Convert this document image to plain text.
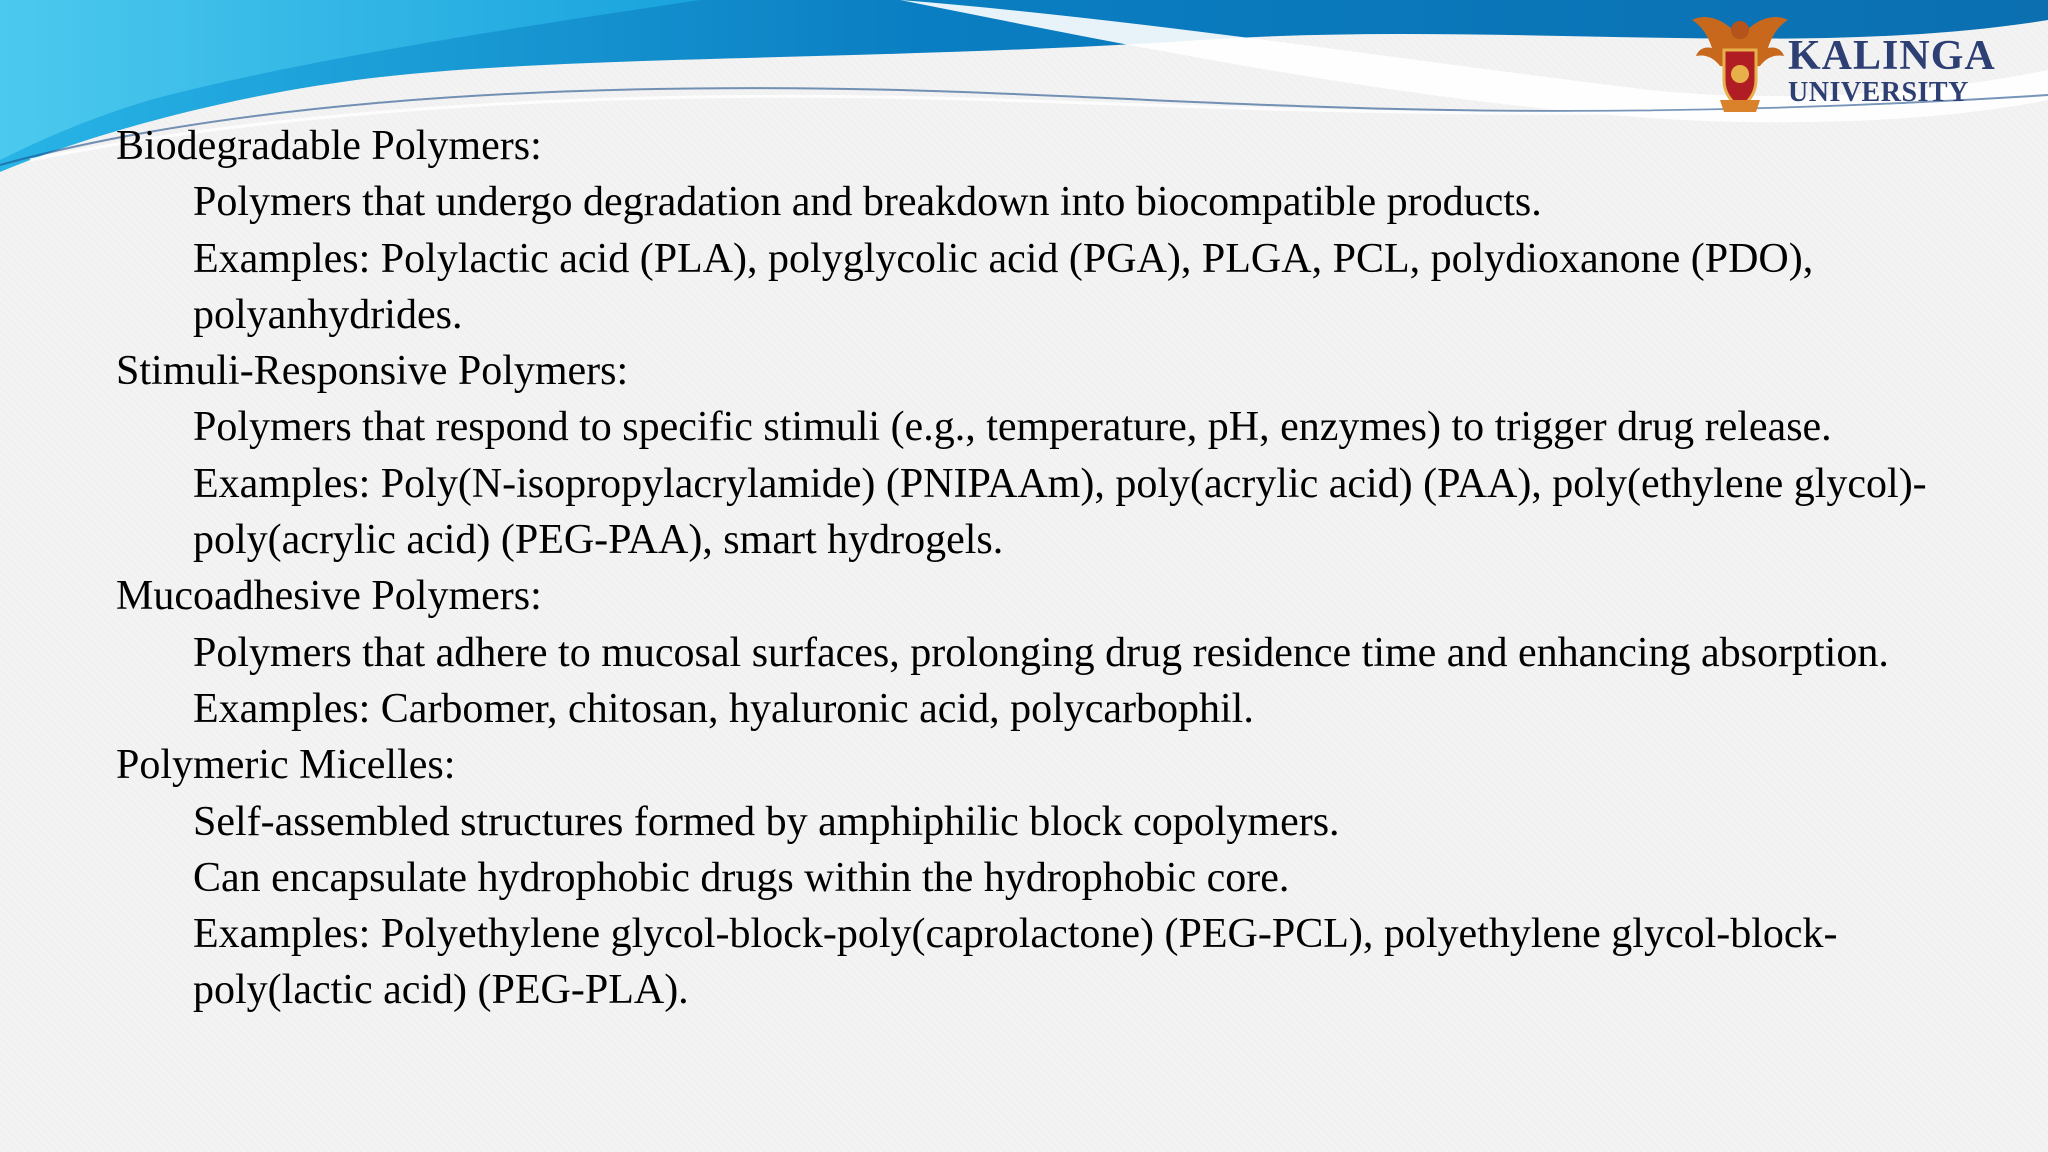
KALINGA
UNIVERSITY

Biodegradable Polymers:

Polymers that undergo degradation and breakdown into biocompatible products.

Examples: Polylactic acid (PLA), polyglycolic acid (PGA), PLGA, PCL, polydioxanone (PDO), polyanhydrides.

Stimuli-Responsive Polymers:

Polymers that respond to specific stimuli (e.g., temperature, pH, enzymes) to trigger drug release.

Examples: Poly(N-isopropylacrylamide) (PNIPAAm), poly(acrylic acid) (PAA), poly(ethylene glycol)-poly(acrylic acid) (PEG-PAA), smart hydrogels.

Mucoadhesive Polymers:

Polymers that adhere to mucosal surfaces, prolonging drug residence time and enhancing absorption.

Examples: Carbomer, chitosan, hyaluronic acid, polycarbophil.

Polymeric Micelles:

Self-assembled structures formed by amphiphilic block copolymers.

Can encapsulate hydrophobic drugs within the hydrophobic core.

Examples: Polyethylene glycol-block-poly(caprolactone) (PEG-PCL), polyethylene glycol-block-poly(lactic acid) (PEG-PLA).
